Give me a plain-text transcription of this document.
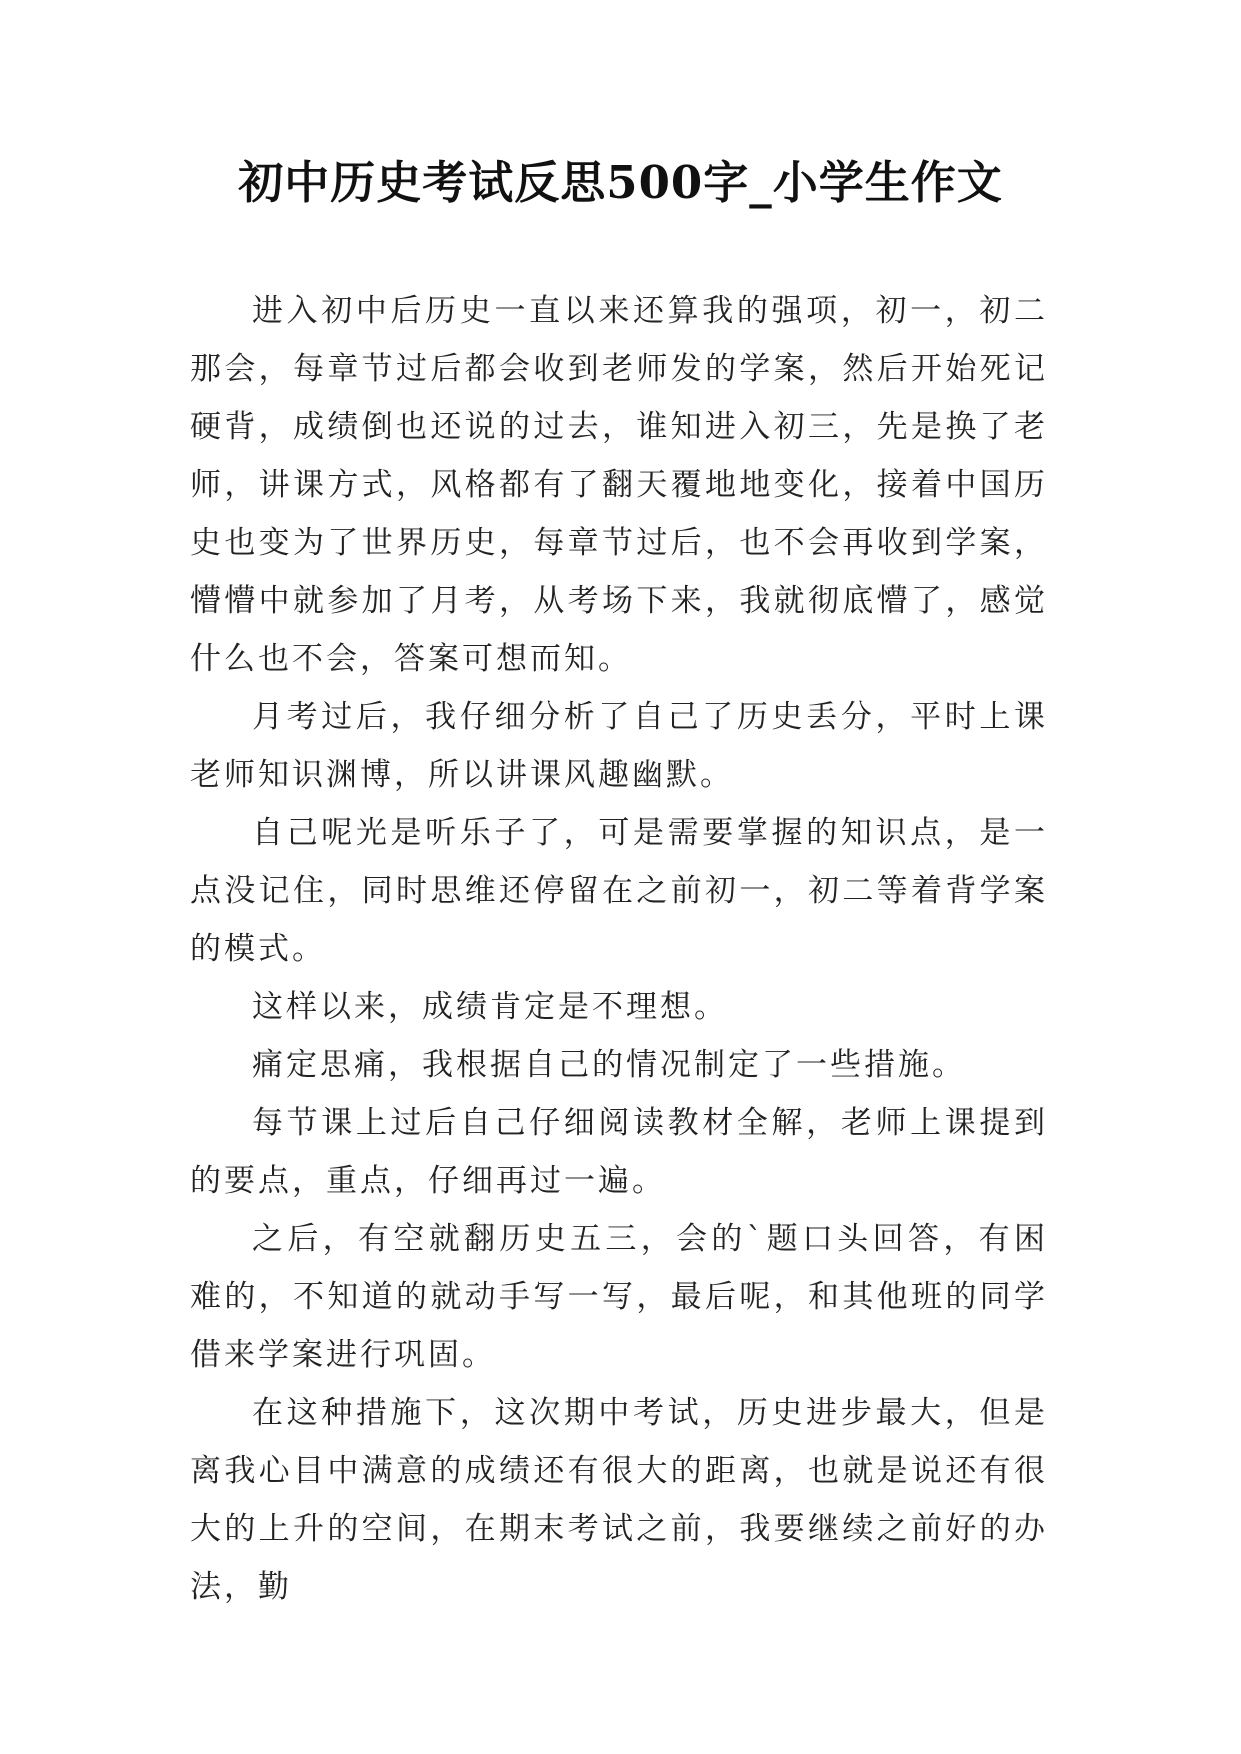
初中历史考试反思500字_小学生作文

进入初中后历史一直以来还算我的强项，初一，初二那会，每章节过后都会收到老师发的学案，然后开始死记硬背，成绩倒也还说的过去，谁知进入初三，先是换了老师，讲课方式，风格都有了翻天覆地地变化，接着中国历史也变为了世界历史，每章节过后，也不会再收到学案，懵懵中就参加了月考，从考场下来，我就彻底懵了，感觉什么也不会，答案可想而知。

月考过后，我仔细分析了自己了历史丢分，平时上课老师知识渊博，所以讲课风趣幽默。

自己呢光是听乐子了，可是需要掌握的知识点，是一点没记住，同时思维还停留在之前初一，初二等着背学案的模式。

这样以来，成绩肯定是不理想。

痛定思痛，我根据自己的情况制定了一些措施。

每节课上过后自己仔细阅读教材全解，老师上课提到的要点，重点，仔细再过一遍。

之后，有空就翻历史五三，会的`题口头回答，有困难的，不知道的就动手写一写，最后呢，和其他班的同学借来学案进行巩固。

在这种措施下，这次期中考试，历史进步最大，但是离我心目中满意的成绩还有很大的距离，也就是说还有很大的上升的空间，在期末考试之前，我要继续之前好的办法，勤
